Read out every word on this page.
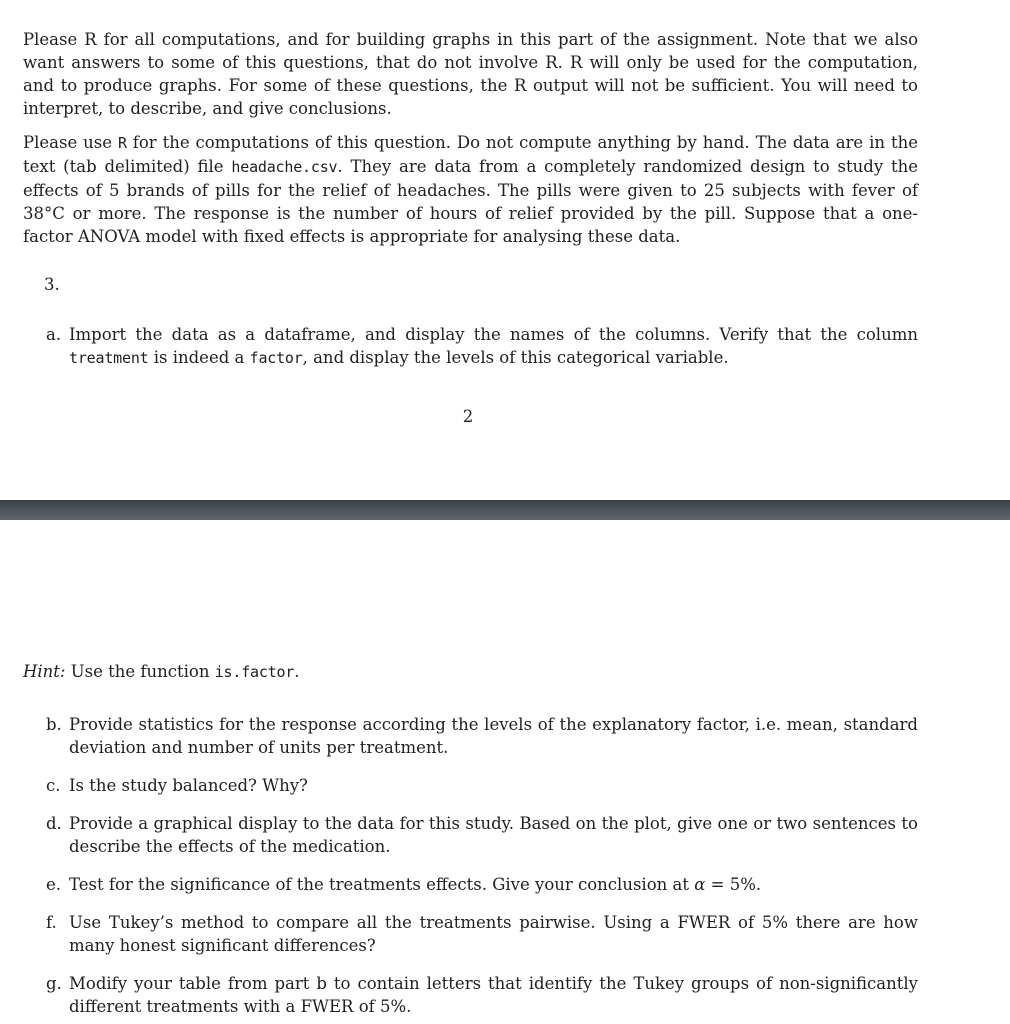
Please R for all computations, and for building graphs in this part of the assignment. Note that we also want answers to some of this questions, that do not involve R. R will only be used for the computation, and to produce graphs. For some of these questions, the R output will not be sufficient. You will need to interpret, to describe, and give conclusions.

Please use R for the computations of this question. Do not compute anything by hand. The data are in the text (tab delimited) file headache.csv. They are data from a completely randomized design to study the effects of 5 brands of pills for the relief of headaches. The pills were given to 25 subjects with fever of 38°C or more. The response is the number of hours of relief provided by the pill. Suppose that a one-factor ANOVA model with fixed effects is appropriate for analysing these data.

3.
a. Import the data as a dataframe, and display the names of the columns. Verify that the column treatment is indeed a factor, and display the levels of this categorical variable.
2
Hint: Use the function is.factor.
b. Provide statistics for the response according the levels of the explanatory factor, i.e. mean, standard deviation and number of units per treatment.
c. Is the study balanced? Why?
d. Provide a graphical display to the data for this study. Based on the plot, give one or two sentences to describe the effects of the medication.
e. Test for the significance of the treatments effects. Give your conclusion at α = 5%.
f. Use Tukey’s method to compare all the treatments pairwise. Using a FWER of 5% there are how many honest significant differences?
g. Modify your table from part b to contain letters that identify the Tukey groups of non-significantly different treatments with a FWER of 5%.
